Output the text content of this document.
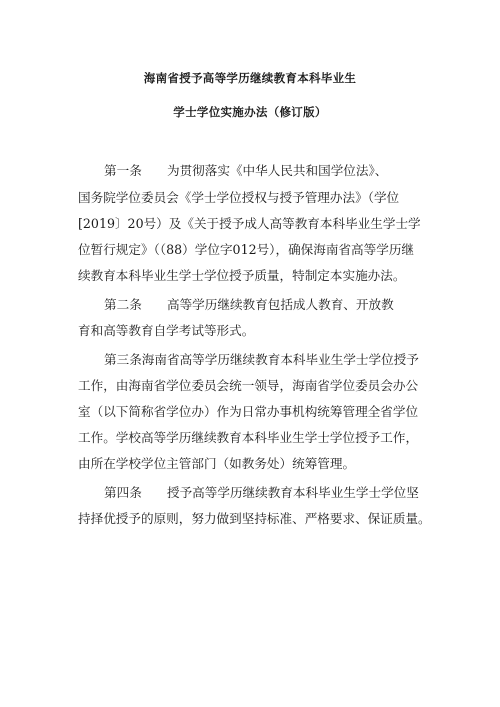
海南省授予高等学历继续教育本科毕业生
学士学位实施办法（修订版）
第一条　　为贯彻落实《中华人民共和国学位法》、
国务院学位委员会《学士学位授权与授予管理办法》（学位
[2019〕20号）及《关于授予成人高等教育本科毕业生学士学
位暂行规定》（（88）学位字012号），确保海南省高等学历继
续教育本科毕业生学士学位授予质量，特制定本实施办法。
第二条　　高等学历继续教育包括成人教育、开放教
育和高等教育自学考试等形式。
第三条海南省高等学历继续教育本科毕业生学士学位授予
工作，由海南省学位委员会统一领导，海南省学位委员会办公
室（以下简称省学位办）作为日常办事机构统筹管理全省学位
工作。学校高等学历继续教育本科毕业生学士学位授予工作，
由所在学校学位主管部门（如教务处）统筹管理。
第四条　　授予高等学历继续教育本科毕业生学士学位坚
持择优授予的原则，努力做到坚持标准、严格要求、保证质量。
